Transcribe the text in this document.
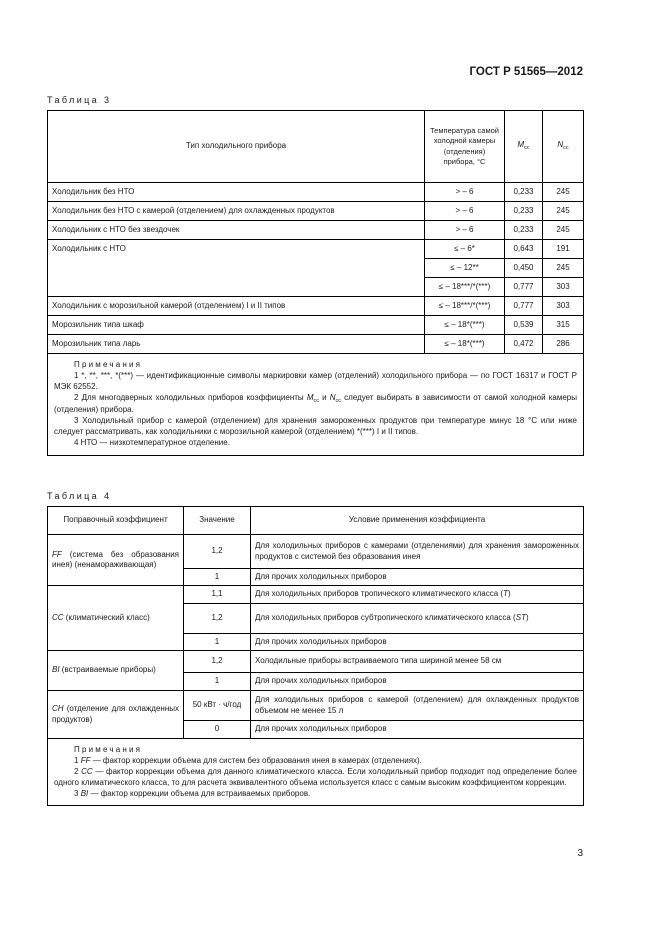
ГОСТ Р 51565—2012
Таблица 3
Тип холодильного прибора	Температура самой холодной камеры (отделения) прибора, °С	$M_{cc}$	$N_{cc}$
Холодильник без НТО	> – 6	0,233	245
Холодильник без НТО с камерой (отделением) для охлажденных продуктов	> – 6	0,233	245
Холодильник с НТО без звездочек	> – 6	0,233	245
Холодильник с НТО	≤ – 6*	0,643	191
	≤ – 12**	0,450	245
	≤ – 18***/*(***)	0,777	303
Холодильник с морозильной камерой (отделением) I и II типов	≤ – 18***/*(***)	0,777	303
Морозильник типа шкаф	≤ – 18*(***)	0,539	315
Морозильник типа ларь	≤ – 18*(***)	0,472	286

Примечания

1 *, **, ***, *(***) — идентификационные символы маркировки камер (отделений) холодильного прибора — по ГОСТ 16317 и ГОСТ Р МЭК 62552.

2 Для многодверных холодильных приборов коэффициенты $M_{cc}$ и $N_{cc}$ следует выбирать в зависимости от самой холодной камеры (отделения) прибора.

3 Холодильный прибор с камерой (отделением) для хранения замороженных продуктов при температуре минус 18 °С или ниже следует рассматривать, как холодильники с морозильной камерой (отделением) *(***) I и II типов.

4 НТО — низкотемпературное отделение.			

Таблица 4
Поправочный коэффициент	Значение	Условие применения коэффициента
FF (система без образования инея) (ненамораживающая)	1,2	Для холодильных приборов с камерами (отделениями) для хранения замороженных продуктов с системой без образования инея
	1	Для прочих холодильных приборов
CC (климатический класс)	1,1	Для холодильных приборов тропического климатического класса (T)
	1,2	Для холодильных приборов субтропического климатического класса (ST)
	1	Для прочих холодильных приборов
BI (встраиваемые приборы)	1,2	Холодильные приборы встраиваемого типа шириной менее 58 см
	1	Для прочих холодильных приборов
CH (отделение для охлажденных продуктов)	50 кВт · ч/год	Для холодильных приборов с камерой (отделением) для охлажденных продуктов объемом не менее 15 л
	0	Для прочих холодильных приборов

Примечания

1 FF — фактор коррекции объема для систем без образования инея в камерах (отделениях).

2 CC — фактор коррекции объема для данного климатического класса. Если холодильный прибор подходит под определение более одного климатического класса, то для расчета эквивалентного объема используется класс с самым высоким коэффициентом коррекции.

3 BI — фактор коррекции объема для встраиваемых приборов.		

3
